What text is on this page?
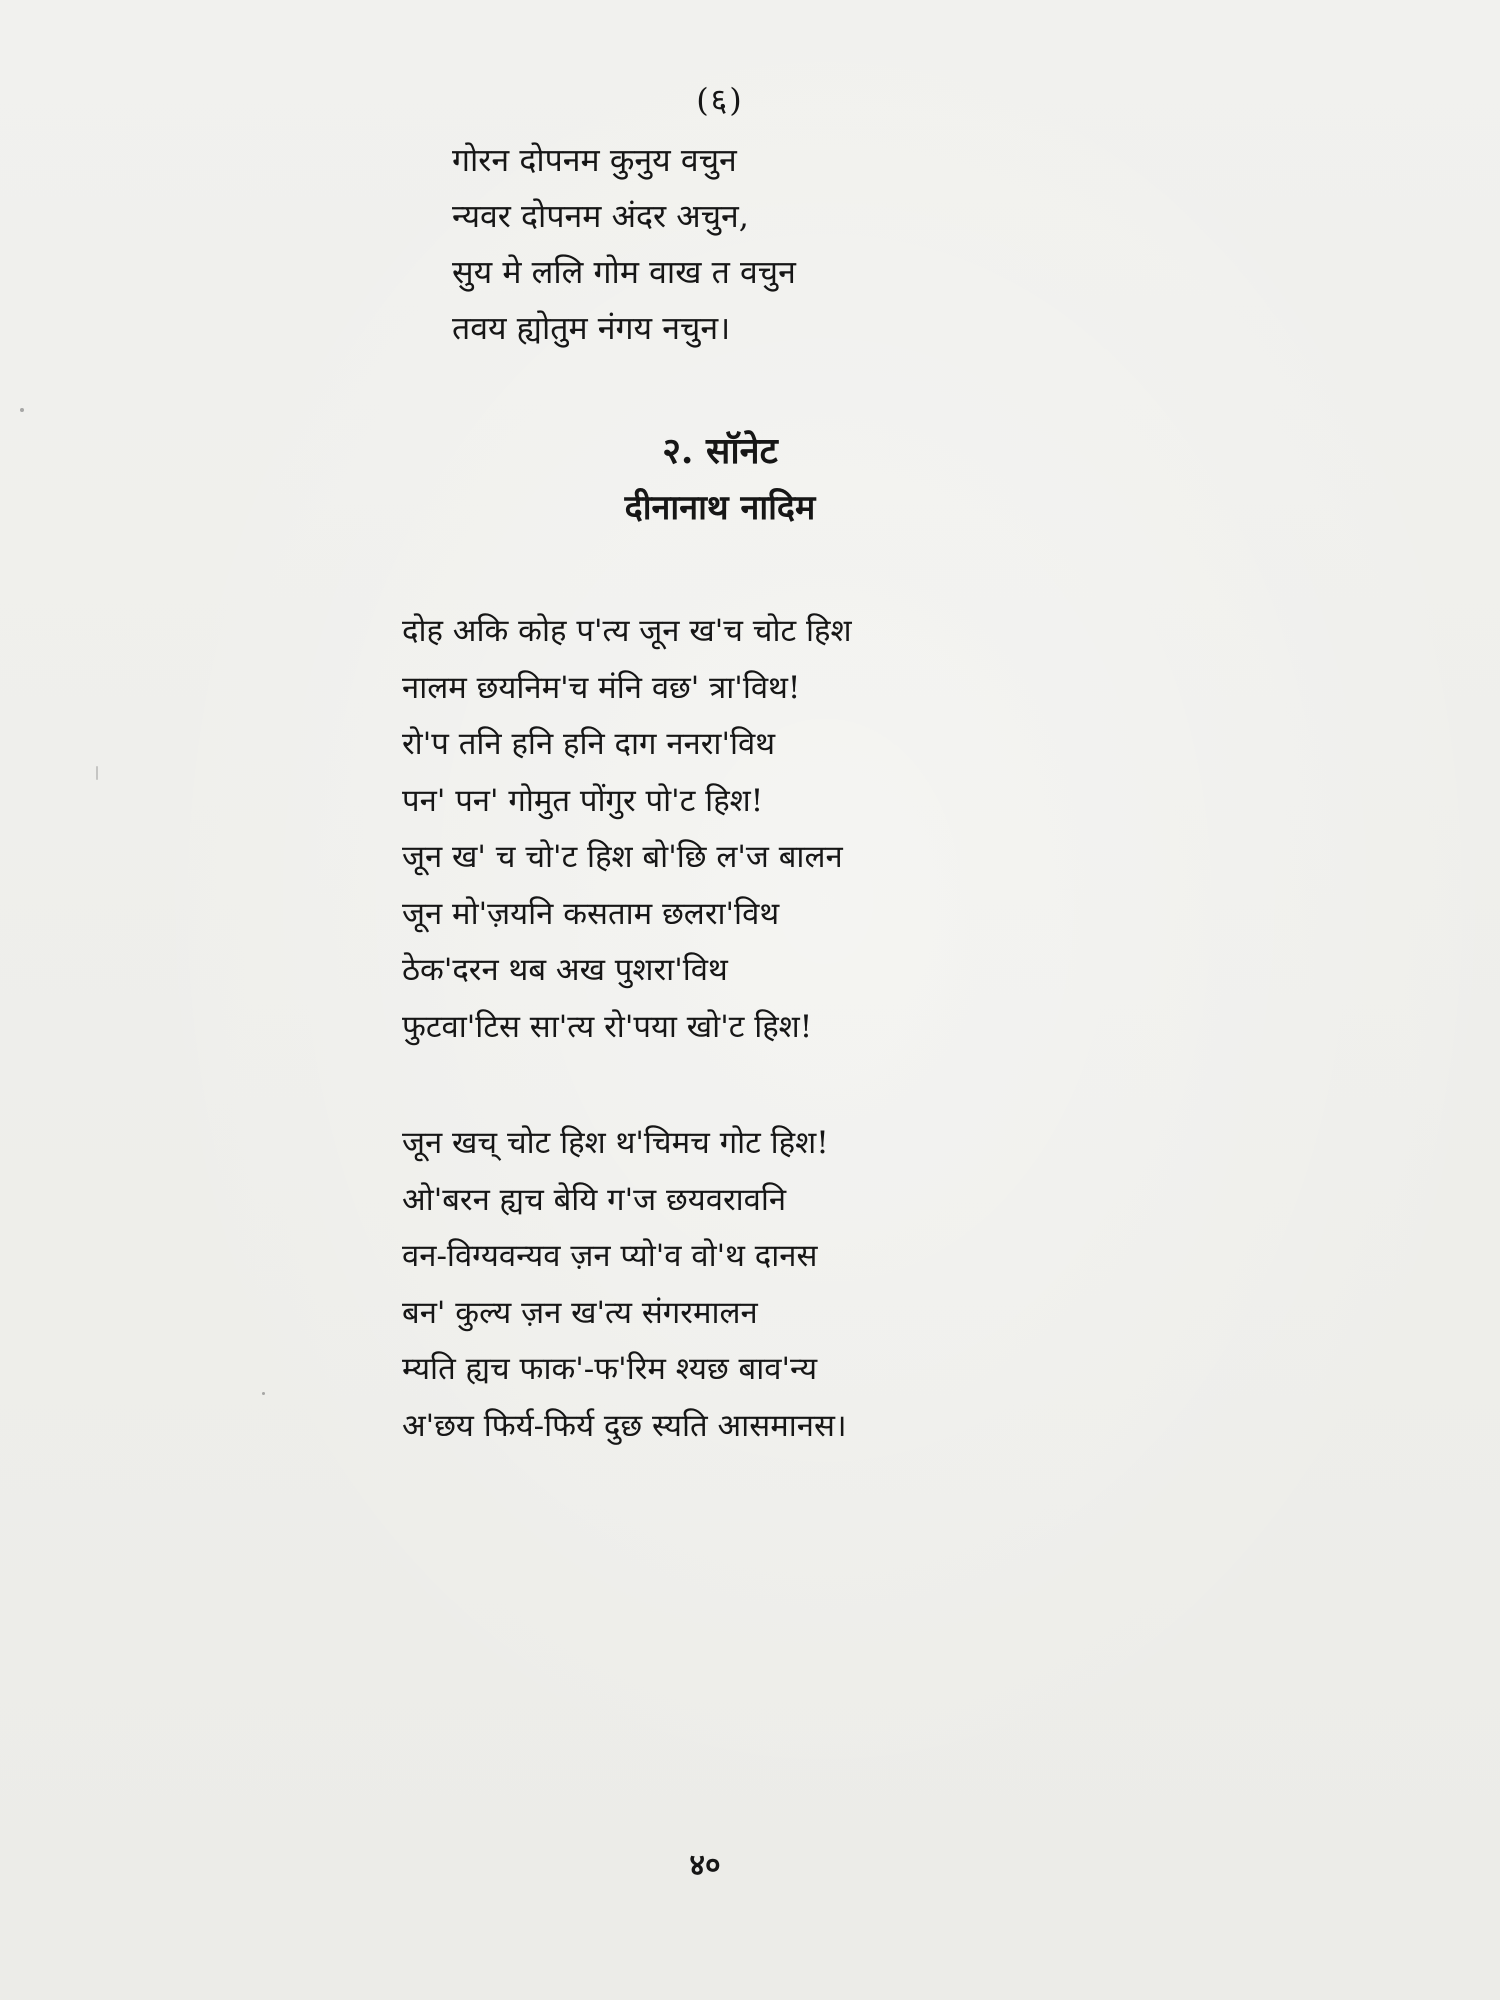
(६)
गोरन दोपनम कुनुय वचुन
न्यवर दोपनम अंदर अचुन,
सुय मे ललि गोम वाख त वचुन
तवय ह्योतुम नंगय नचुन।
२. सॉनेट
दीनानाथ नादिम
दोह अकि कोह प'त्य जून ख'च चोट हिश
नालम छयनिम'च मंनि वछ' त्रा'विथ!
रो'प तनि हनि हनि दाग ननरा'विथ
पन' पन' गोमुत पोंगुर पो'ट हिश!
जून ख' च चो'ट हिश बो'छि ल'ज बालन
जून मो'ज़यनि कसताम छलरा'विथ
ठेक'दरन थब अख पुशरा'विथ
फुटवा'टिस सा'त्य रो'पया खो'ट हिश!
जून खच् चोट हिश थ'चिमच गोट हिश!
ओ'बरन ह्यच बेयि ग'ज छयवरावनि
वन-विग्यवन्यव ज़न प्यो'व वो'थ दानस
बन' कुल्य ज़न ख'त्य संगरमालन
म्यति ह्यच फाक'-फ'रिम श्यछ बाव'न्य
अ'छय फिर्य-फिर्य दुछ स्यति आसमानस।
४०
